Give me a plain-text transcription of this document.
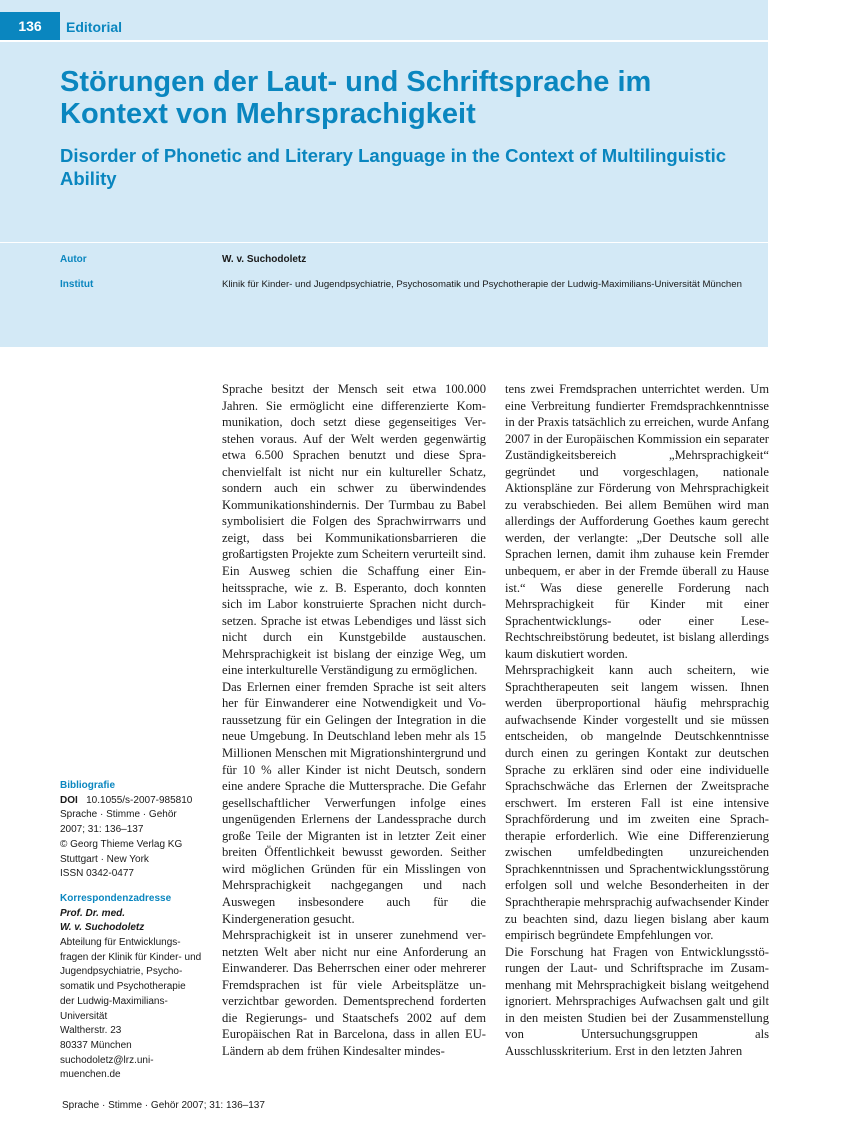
136	Editorial
Störungen der Laut- und Schriftsprache im Kontext von Mehrsprachigkeit
Disorder of Phonetic and Literary Language in the Context of Multilinguistic Ability
Autor	W. v. Suchodoletz
Institut	Klinik für Kinder- und Jugendpsychiatrie, Psychosomatik und Psychotherapie der Ludwig-Maximilians-Universität München
Bibliografie
DOI 10.1055/s-2007-985810
Sprache · Stimme · Gehör
2007; 31: 136–137
© Georg Thieme Verlag KG
Stuttgart · New York
ISSN 0342-0477
Korrespondenzadresse
Prof. Dr. med.
W. v. Suchodoletz
Abteilung für Entwicklungs-
fragen der Klinik für Kinder- und
Jugendpsychiatrie, Psycho-
somatik und Psychotherapie
der Ludwig-Maximilians-
Universität
Waltherstr. 23
80337 München
suchodoletz@lrz.uni-
muenchen.de

Sprache besitzt der Mensch seit etwa 100.000 Jahren. Sie ermöglicht eine differenzierte Kommunikation, doch setzt diese gegenseitiges Verstehen voraus. Auf der Welt werden gegenwärtig etwa 6.500 Sprachen benutzt und diese Sprachenvielfalt ist nicht nur ein kultureller Schatz, sondern auch ein schwer zu überwindendes Kommunikationshindernis. Der Turmbau zu Babel symbolisiert die Folgen des Sprachwirrwarrs und zeigt, dass bei Kommunikationsbarrieren die großartigsten Projekte zum Scheitern verurteilt sind. Ein Ausweg schien die Schaffung einer Einheitssprache, wie z. B. Esperanto, doch konnten sich im Labor konstruierte Sprachen nicht durchsetzen. Sprache ist etwas Lebendiges und lässt sich nicht durch ein Kunstgebilde austauschen. Mehrsprachigkeit ist bislang der einzige Weg, um eine interkulturelle Verständigung zu ermöglichen.

Das Erlernen einer fremden Sprache ist seit alters her für Einwanderer eine Notwendigkeit und Voraussetzung für ein Gelingen der Integration in die neue Umgebung. In Deutschland leben mehr als 15 Millionen Menschen mit Migrationshintergrund und für 10 % aller Kinder ist nicht Deutsch, sondern eine andere Sprache die Muttersprache. Die Gefahr gesellschaftlicher Verwerfungen infolge eines ungenügenden Erlernens der Landessprache durch große Teile der Migranten ist in letzter Zeit einer breiten Öffentlichkeit bewusst geworden. Seither wird möglichen Gründen für ein Misslingen von Mehrsprachigkeit nachgegangen und nach Auswegen insbesondere auch für die Kindergeneration gesucht.

Mehrsprachigkeit ist in unserer zunehmend vernetzten Welt aber nicht nur eine Anforderung an Einwanderer. Das Beherrschen einer oder mehrerer Fremdsprachen ist für viele Arbeitsplätze unverzichtbar geworden. Dementsprechend forderten die Regierungs- und Staatschefs 2002 auf dem Europäischen Rat in Barcelona, dass in allen EU-Ländern ab dem frühen Kindesalter mindes-

tens zwei Fremdsprachen unterrichtet werden. Um eine Verbreitung fundierter Fremdsprachkenntnisse in der Praxis tatsächlich zu erreichen, wurde Anfang 2007 in der Europäischen Kommission ein separater Zuständigkeitsbereich „Mehrsprachigkeit“ gegründet und vorgeschlagen, nationale Aktionspläne zur Förderung von Mehrsprachigkeit zu verabschieden. Bei allem Bemühen wird man allerdings der Aufforderung Goethes kaum gerecht werden, der verlangte: „Der Deutsche soll alle Sprachen lernen, damit ihm zuhause kein Fremder unbequem, er aber in der Fremde überall zu Hause ist.“ Was diese generelle Forderung nach Mehrsprachigkeit für Kinder mit einer Sprachentwicklungs- oder einer Lese-Rechtschreibstörung bedeutet, ist bislang allerdings kaum diskutiert worden.

Mehrsprachigkeit kann auch scheitern, wie Sprachtherapeuten seit langem wissen. Ihnen werden überproportional häufig mehrsprachig aufwachsende Kinder vorgestellt und sie müssen entscheiden, ob mangelnde Deutschkenntnisse durch einen zu geringen Kontakt zur deutschen Sprache zu erklären sind oder eine individuelle Sprachschwäche das Erlernen der Zweitsprache erschwert. Im ersteren Fall ist eine intensive Sprachförderung und im zweiten eine Sprachtherapie erforderlich. Wie eine Differenzierung zwischen umfeldbedingten unzureichenden Sprachkenntnissen und Sprachentwicklungsstörung erfolgen soll und welche Besonderheiten in der Sprachtherapie mehrsprachig aufwachsender Kinder zu beachten sind, dazu liegen bislang aber kaum empirisch begründete Empfehlungen vor.

Die Forschung hat Fragen von Entwicklungsstörungen der Laut- und Schriftsprache im Zusammenhang mit Mehrsprachigkeit bislang weitgehend ignoriert. Mehrsprachiges Aufwachsen galt und gilt in den meisten Studien bei der Zusammenstellung von Untersuchungsgruppen als Ausschlusskriterium. Erst in den letzten Jahren

Sprache · Stimme · Gehör 2007; 31: 136–137
